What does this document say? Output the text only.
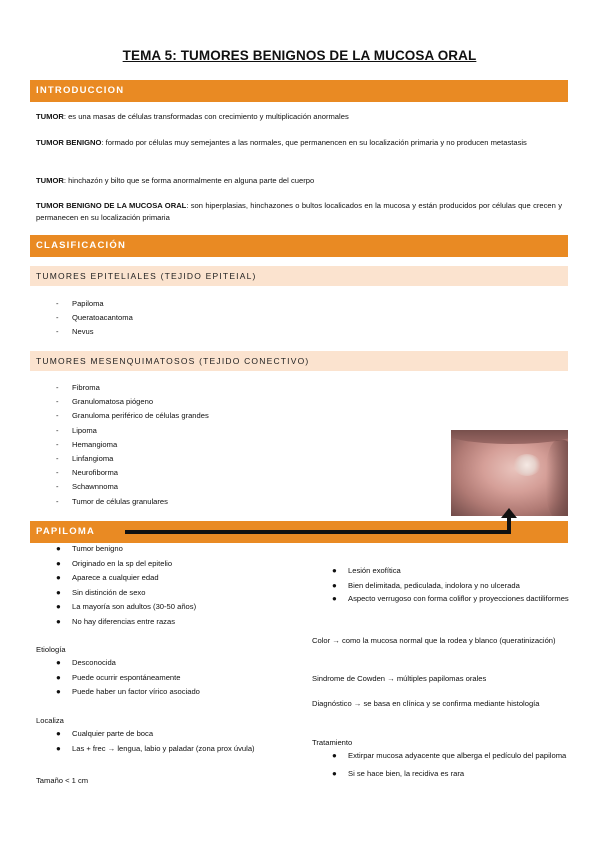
TEMA 5: TUMORES BENIGNOS DE LA MUCOSA ORAL
INTRODUCCION
TUMOR: es una masas de células transformadas con crecimiento y multiplicación anormales
TUMOR BENIGNO: formado por células muy semejantes a las normales, que permanencen en su localización primaria y no producen metastasis
TUMOR: hinchazón y bilto que se forma anormalmente en alguna parte del cuerpo
TUMOR BENIGNO DE LA MUCOSA ORAL: son hiperplasias, hinchazones o bultos localicados en la mucosa y están producidos por células que crecen y permanecen en su localización primaria
CLASIFICACIÓN
TUMORES EPITELIALES (TEJIDO EPITEIAL)
-	Papiloma
-	Queratoacantoma
-	Nevus
TUMORES MESENQUIMATOSOS (TEJIDO CONECTIVO)
-	Fibroma
-	Granulomatosa piógeno
-	Granuloma periférico de células grandes
-	Lipoma
-	Hemangioma
-	Linfangioma
-	Neurofiborma
-	Schawnnoma
-	Tumor de células granulares
PAPILOMA
●	Tumor benigno
●	Originado en la sp del epitelio
●	Aparece a cualquier edad
●	Sin distinción de sexo
●	La mayoría son adultos (30-50 años)
●	No hay diferencias entre razas
Etiología
●	Desconocida
●	Puede ocurrir espontáneamente
●	Puede haber un factor vírico asociado
Localiza
●	Cualquier parte de boca
●	Las + frec → lengua, labio y paladar (zona prox úvula)
Tamaño < 1 cm
●	Lesión exofítica
●	Bien delimitada, pediculada, indolora y no ulcerada
●	Aspecto verrugoso con forma coliflor y proyecciones dactiliformes
Color → como la mucosa normal que la rodea y blanco (queratinización)
Sindrome de Cowden → múltiples papilomas orales
Diagnóstico → se basa en clínica y se confirma mediante histología
Tratamiento
●	Extirpar mucosa adyacente que alberga el pedículo del papiloma
●	Si se hace bien, la recidiva es rara
